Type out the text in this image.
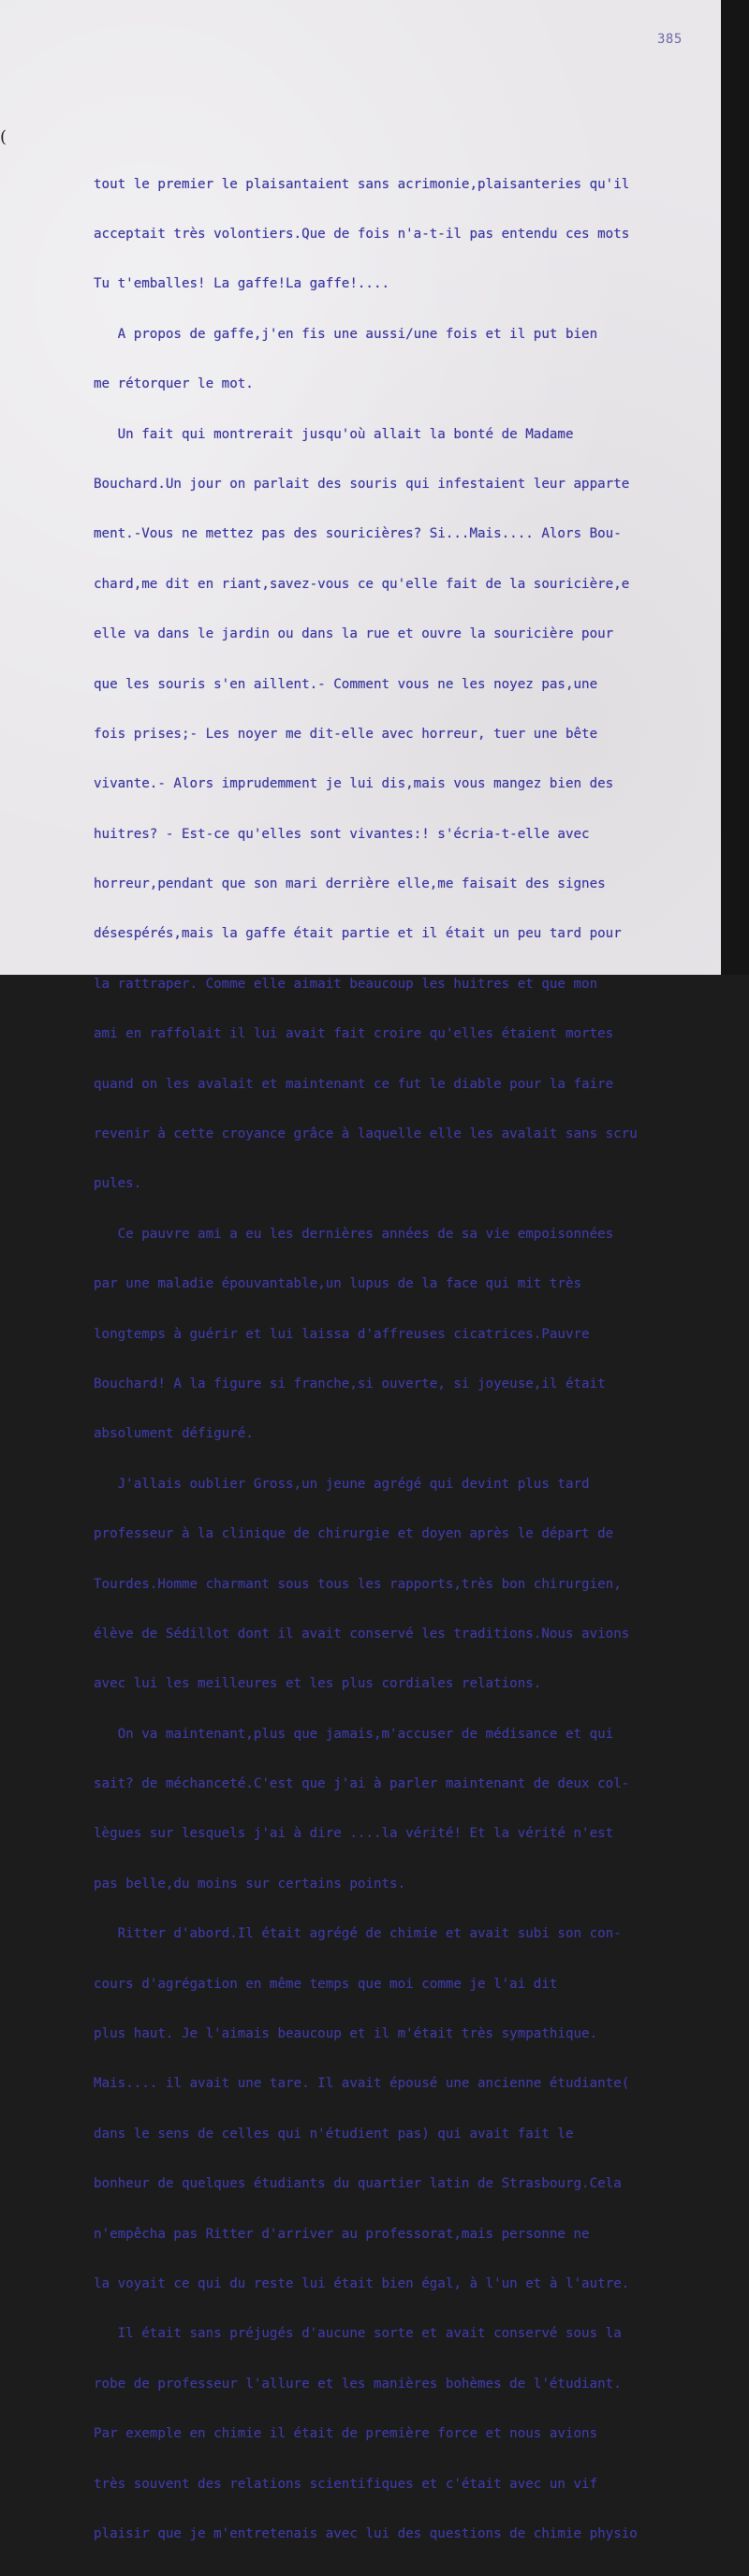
385
(

tout le premier le plaisantaient sans acrimonie,plaisanteries qu'il

acceptait très volontiers.Que de fois n'a-t-il pas entendu ces mots

Tu t'emballes! La gaffe!La gaffe!....

A propos de gaffe,j'en fis une aussi/une fois et il put bien

me rétorquer le mot.

Un fait qui montrerait jusqu'où allait la bonté de Madame

Bouchard.Un jour on parlait des souris qui infestaient leur apparte

ment.-Vous ne mettez pas des souricières? Si...Mais.... Alors Bou-

chard,me dit en riant,savez-vous ce qu'elle fait de la souricière,e

elle va dans le jardin ou dans la rue et ouvre la souricière pour

que les souris s'en aillent.- Comment vous ne les noyez pas,une

fois prises;- Les noyer me dit-elle avec horreur, tuer une bête

vivante.- Alors imprudemment je lui dis,mais vous mangez bien des

huitres? - Est-ce qu'elles sont vivantes:! s'écria-t-elle avec

horreur,pendant que son mari derrière elle,me faisait des signes

désespérés,mais la gaffe était partie et il était un peu tard pour

la rattraper. Comme elle aimait beaucoup les huitres et que mon

ami en raffolait il lui avait fait croire qu'elles étaient mortes

quand on les avalait et maintenant ce fut le diable pour la faire

revenir à cette croyance grâce à laquelle elle les avalait sans scru

pules.

Ce pauvre ami a eu les dernières années de sa vie empoisonnées

par une maladie épouvantable,un lupus de la face qui mit très

longtemps à guérir et lui laissa d'affreuses cicatrices.Pauvre

Bouchard! A la figure si franche,si ouverte, si joyeuse,il était

absolument défiguré.

J'allais oublier Gross,un jeune agrégé qui devint plus tard

professeur à la clinique de chirurgie et doyen après le départ de

Tourdes.Homme charmant sous tous les rapports,très bon chirurgien,

élève de Sédillot dont il avait conservé les traditions.Nous avions

avec lui les meilleures et les plus cordiales relations.

On va maintenant,plus que jamais,m'accuser de médisance et qui

sait? de méchanceté.C'est que j'ai à parler maintenant de deux col-

lègues sur lesquels j'ai à dire ....la vérité! Et la vérité n'est

pas belle,du moins sur certains points.

Ritter d'abord.Il était agrégé de chimie et avait subi son con-

cours d'agrégation en même temps que moi comme je l'ai dit

plus haut. Je l'aimais beaucoup et il m'était très sympathique.

Mais.... il avait une tare. Il avait épousé une ancienne étudiante(

dans le sens de celles qui n'étudient pas) qui avait fait le

bonheur de quelques étudiants du quartier latin de Strasbourg.Cela

n'empêcha pas Ritter d'arriver au professorat,mais personne ne

la voyait ce qui du reste lui était bien égal, à l'un et à l'autre.

Il était sans préjugés d'aucune sorte et avait conservé sous la

robe de professeur l'allure et les manières bohèmes de l'étudiant.

Par exemple en chimie il était de première force et nous avions

très souvent des relations scientifiques et c'était avec un vif

plaisir que je m'entretenais avec lui des questions de chimie physio
